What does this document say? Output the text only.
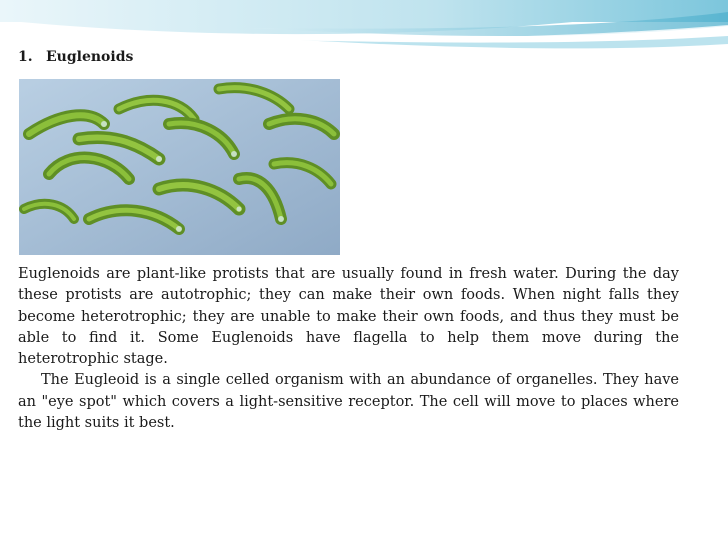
1. Euglenoids

Euglenoids are plant-like protists that are usually found in fresh water. During the day these protists are autotrophic; they can make their own foods. When night falls they become heterotrophic; they are unable to make their own foods, and thus they must be able to find it. Some Euglenoids have flagella to help them move during the heterotrophic stage.

The Eugleoid is a single celled organism with an abundance of organelles. They have an "eye spot" which covers a light-sensitive receptor. The cell will move to places where the light suits it best.
